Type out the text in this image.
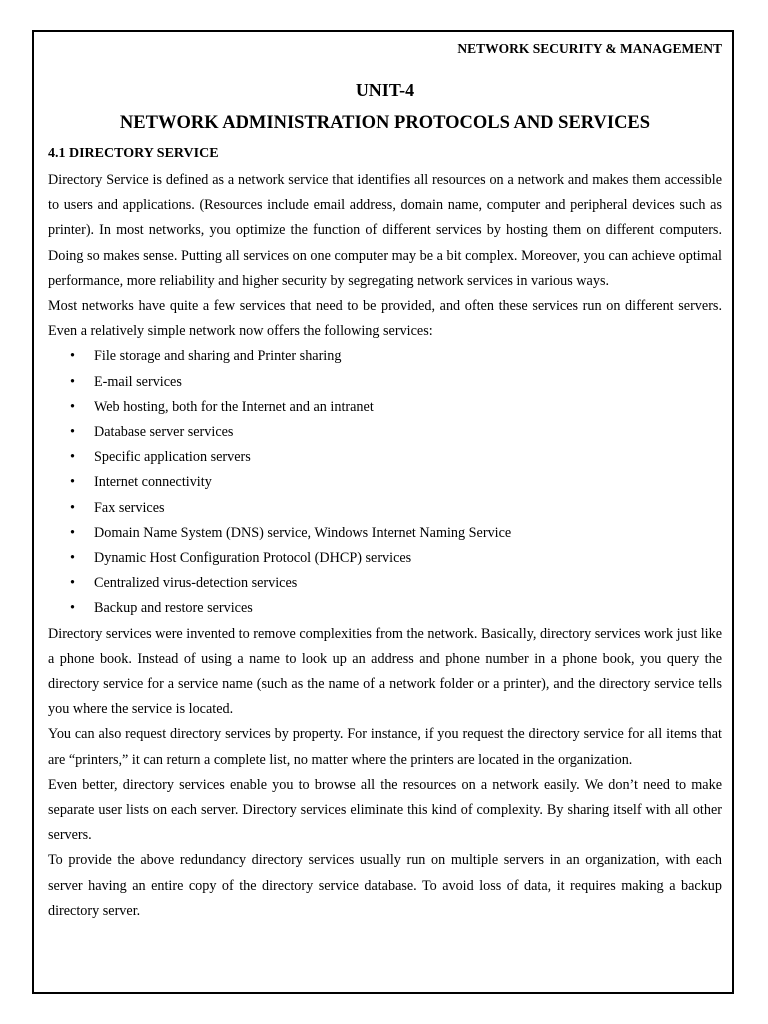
NETWORK SECURITY & MANAGEMENT
UNIT-4
NETWORK ADMINISTRATION PROTOCOLS AND SERVICES
4.1 DIRECTORY SERVICE

Directory Service is defined as a network service that identifies all resources on a network and makes them accessible to users and applications. (Resources include email address, domain name, computer and peripheral devices such as printer). In most networks, you optimize the function of different services by hosting them on different computers. Doing so makes sense. Putting all services on one computer may be a bit complex. Moreover, you can achieve optimal performance, more reliability and higher security by segregating network services in various ways.

Most networks have quite a few services that need to be provided, and often these services run on different servers. Even a relatively simple network now offers the following services:

• File storage and sharing and Printer sharing
• E-mail services
• Web hosting, both for the Internet and an intranet
• Database server services
• Specific application servers
• Internet connectivity
• Fax services
• Domain Name System (DNS) service, Windows Internet Naming Service
• Dynamic Host Configuration Protocol (DHCP) services
• Centralized virus-detection services
• Backup and restore services

Directory services were invented to remove complexities from the network. Basically, directory services work just like a phone book. Instead of using a name to look up an address and phone number in a phone book, you query the directory service for a service name (such as the name of a network folder or a printer), and the directory service tells you where the service is located.

You can also request directory services by property. For instance, if you request the directory service for all items that are “printers,” it can return a complete list, no matter where the printers are located in the organization.

Even better, directory services enable you to browse all the resources on a network easily. We don’t need to make separate user lists on each server. Directory services eliminate this kind of complexity. By sharing itself with all other servers.

To provide the above redundancy directory services usually run on multiple servers in an organization, with each server having an entire copy of the directory service database. To avoid loss of data, it requires making a backup directory server.
